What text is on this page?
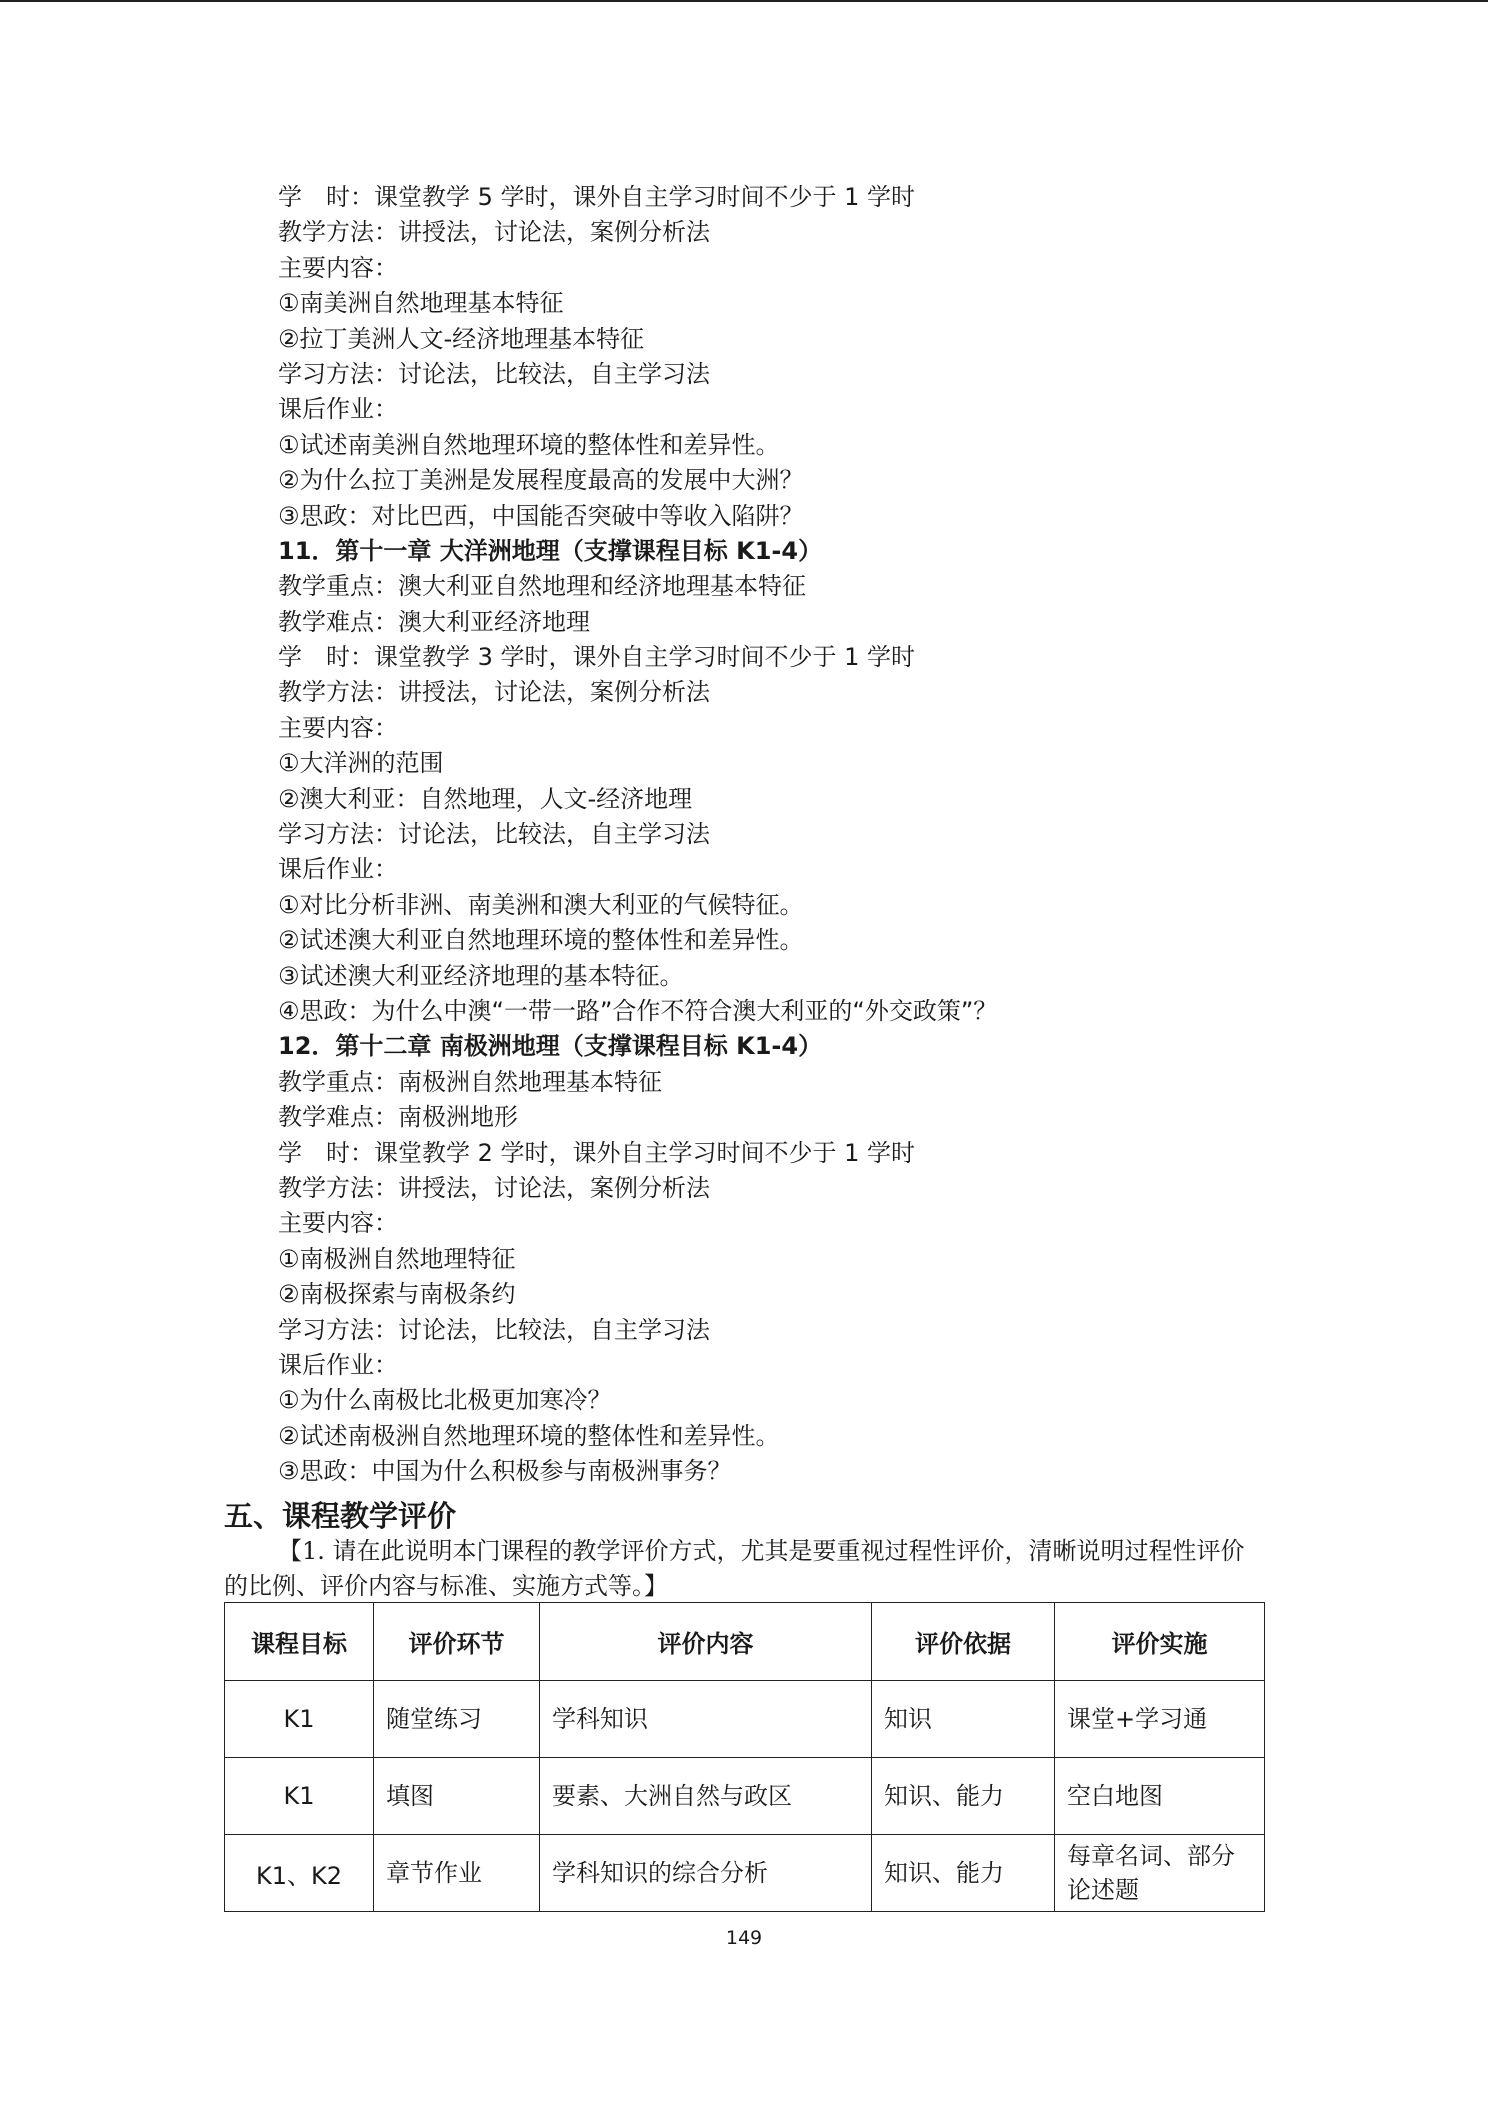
学　时：课堂教学 5 学时，课外自主学习时间不少于 1 学时
教学方法：讲授法，讨论法，案例分析法
主要内容：
①南美洲自然地理基本特征
②拉丁美洲人文-经济地理基本特征
学习方法：讨论法，比较法，自主学习法
课后作业：
①试述南美洲自然地理环境的整体性和差异性。
②为什么拉丁美洲是发展程度最高的发展中大洲？
③思政：对比巴西，中国能否突破中等收入陷阱？
11．第十一章 大洋洲地理（支撑课程目标 K1-4）
教学重点：澳大利亚自然地理和经济地理基本特征
教学难点：澳大利亚经济地理
学　时：课堂教学 3 学时，课外自主学习时间不少于 1 学时
教学方法：讲授法，讨论法，案例分析法
主要内容：
①大洋洲的范围
②澳大利亚：自然地理，人文-经济地理
学习方法：讨论法，比较法，自主学习法
课后作业：
①对比分析非洲、南美洲和澳大利亚的气候特征。
②试述澳大利亚自然地理环境的整体性和差异性。
③试述澳大利亚经济地理的基本特征。
④思政：为什么中澳“一带一路”合作不符合澳大利亚的“外交政策”？
12．第十二章 南极洲地理（支撑课程目标 K1-4）
教学重点：南极洲自然地理基本特征
教学难点：南极洲地形
学　时：课堂教学 2 学时，课外自主学习时间不少于 1 学时
教学方法：讲授法，讨论法，案例分析法
主要内容：
①南极洲自然地理特征
②南极探索与南极条约
学习方法：讨论法，比较法，自主学习法
课后作业：
①为什么南极比北极更加寒冷？
②试述南极洲自然地理环境的整体性和差异性。
③思政：中国为什么积极参与南极洲事务？
五、课程教学评价
【1. 请在此说明本门课程的教学评价方式，尤其是要重视过程性评价，清晰说明过程性评价的比例、评价内容与标准、实施方式等。】
课程目标	评价环节	评价内容	评价依据	评价实施
K1	随堂练习	学科知识	知识	课堂+学习通
K1	填图	要素、大洲自然与政区	知识、能力	空白地图
K1、K2	章节作业	学科知识的综合分析	知识、能力	每章名词、部分论述题
149
